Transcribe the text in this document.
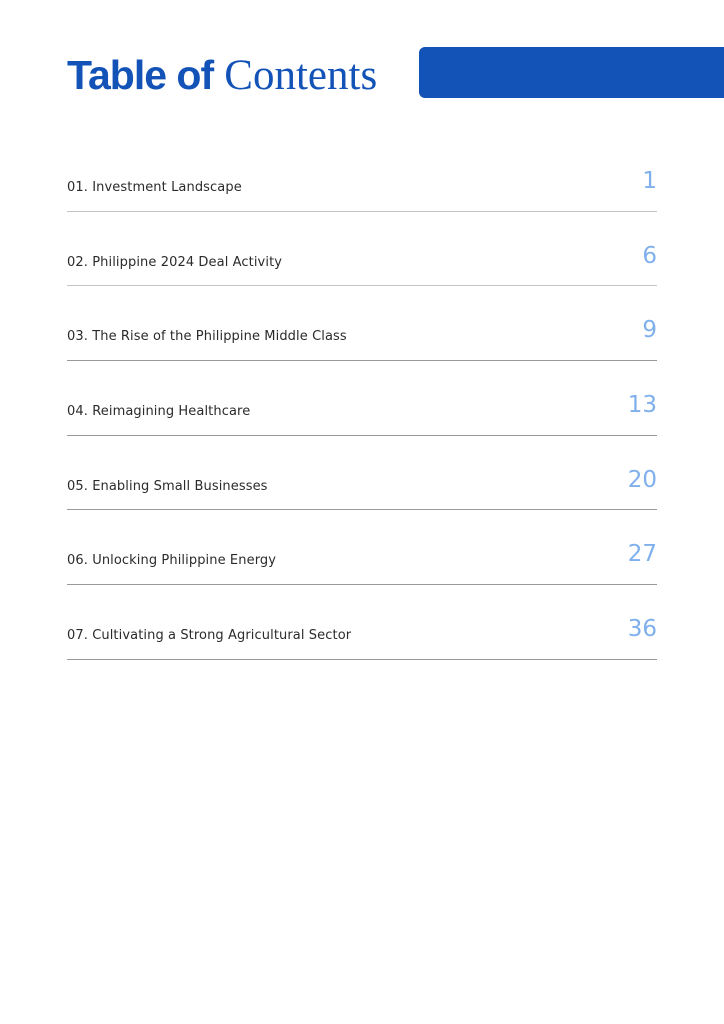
Table of Contents
01. Investment Landscape	1
02. Philippine 2024 Deal Activity	6
03. The Rise of the Philippine Middle Class	9
04. Reimagining Healthcare	13
05. Enabling Small Businesses	20
06. Unlocking Philippine Energy	27
07. Cultivating a Strong Agricultural Sector	36
